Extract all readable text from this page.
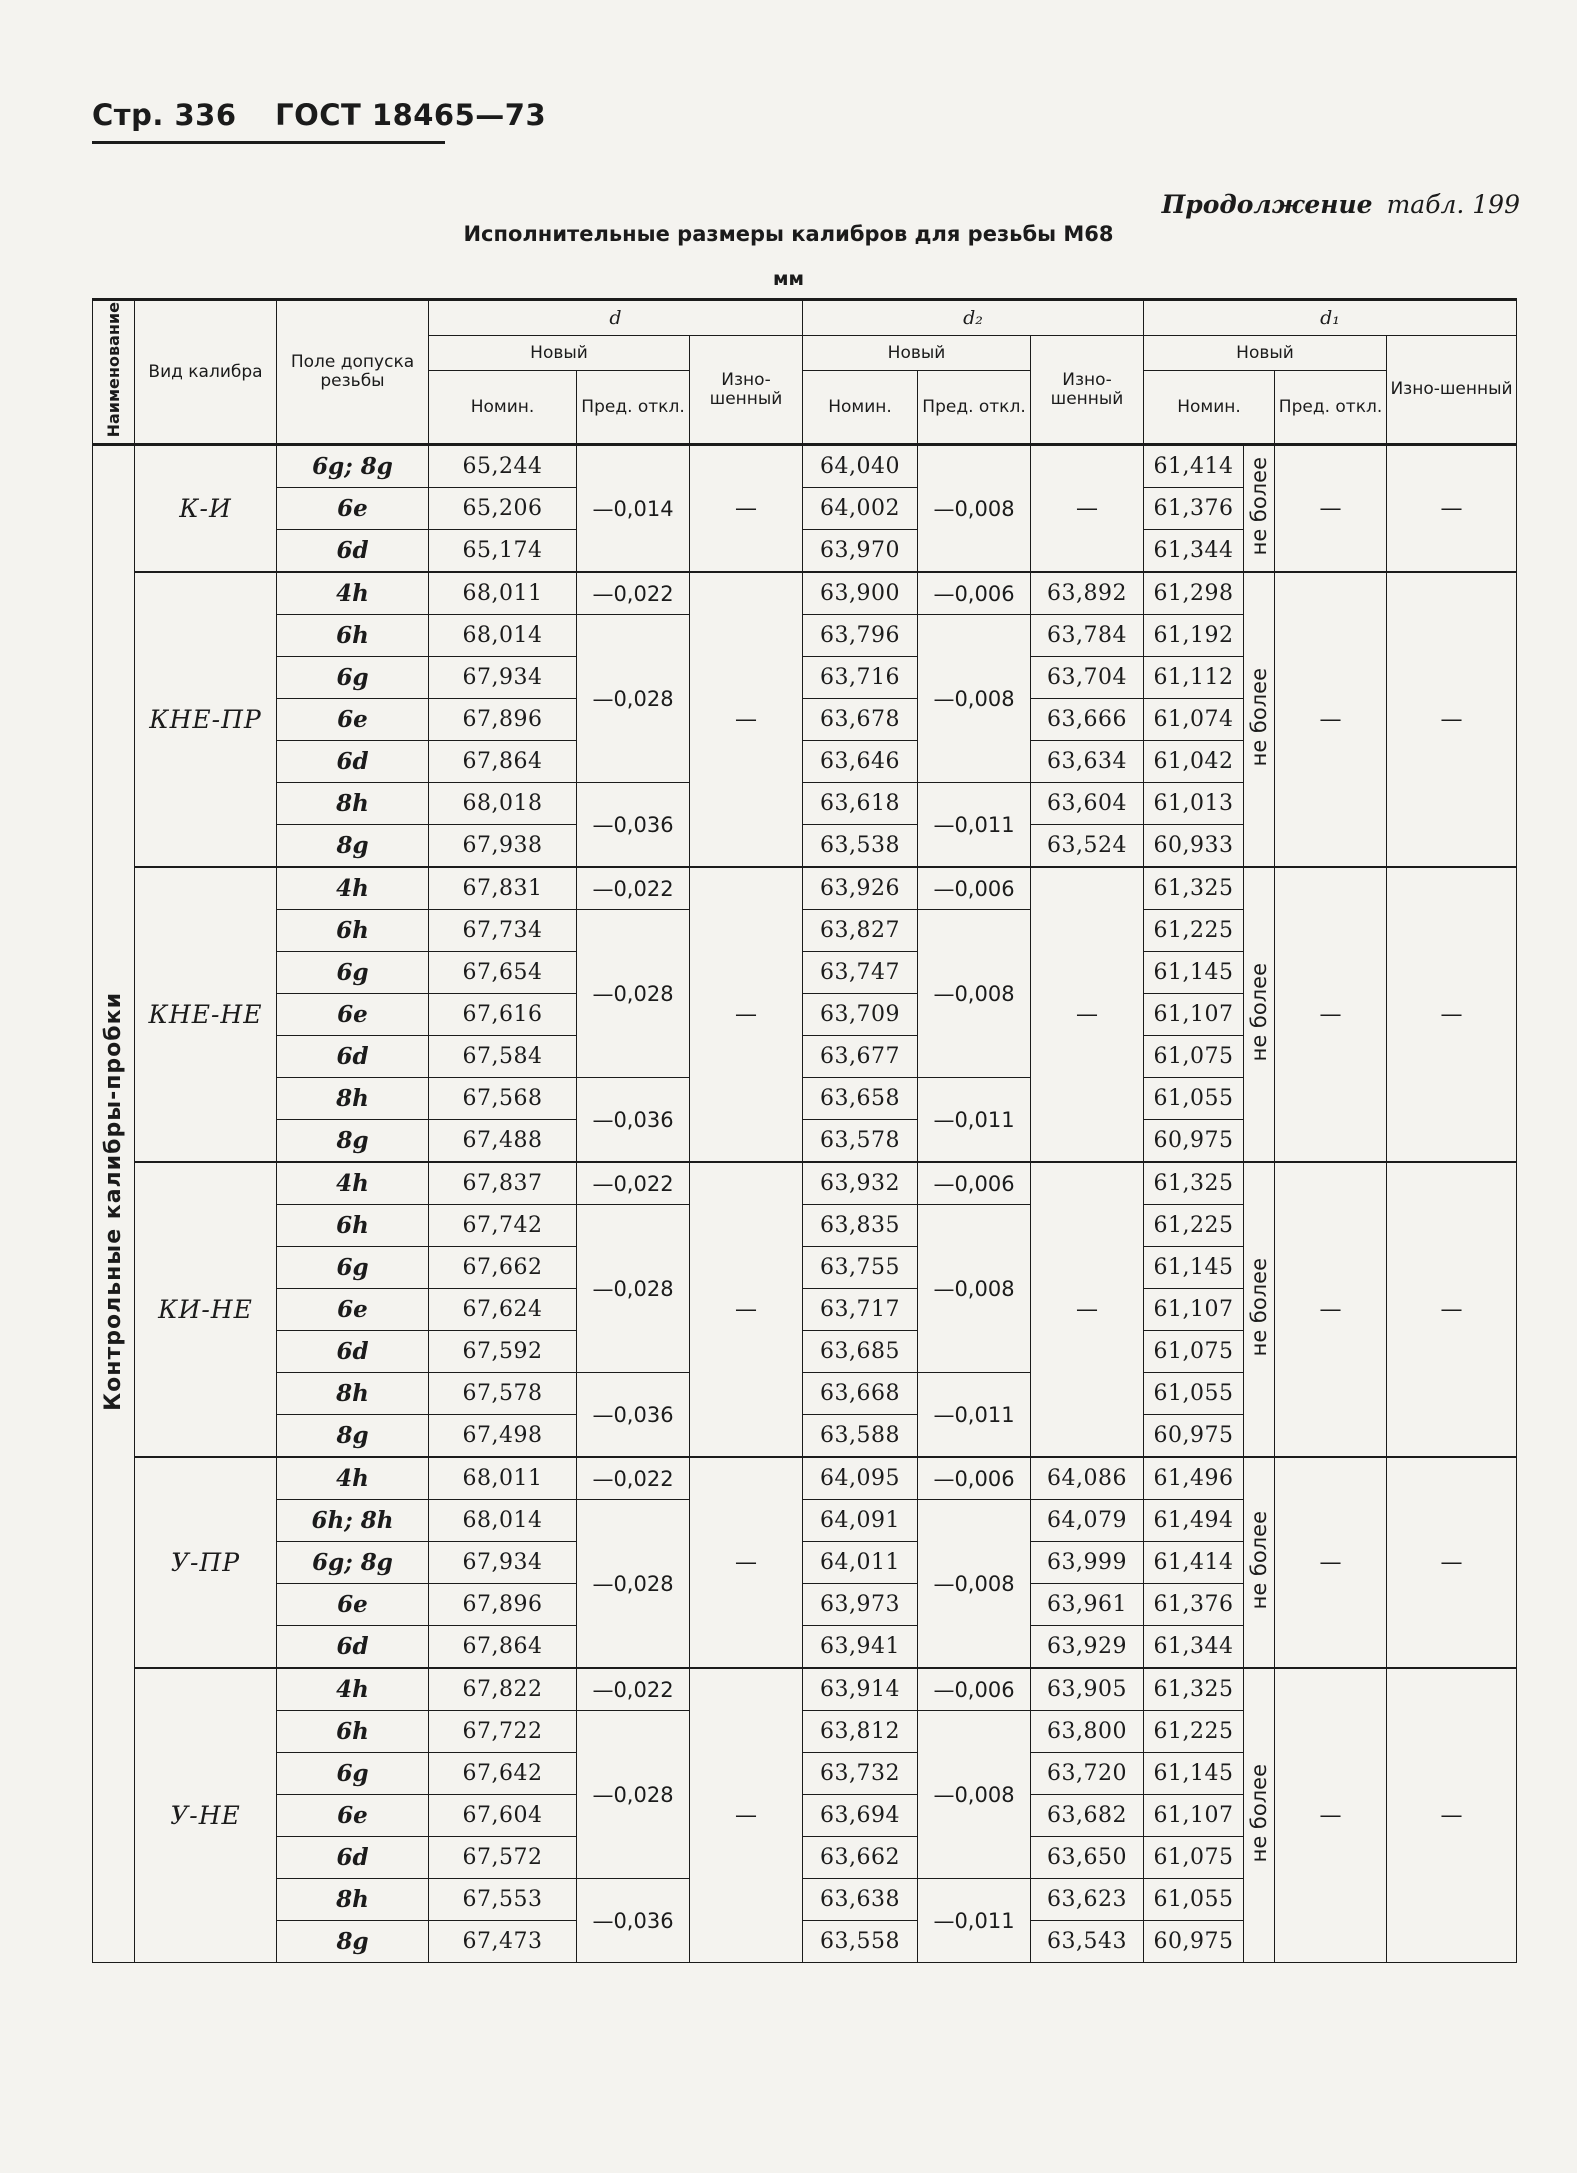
Стр. 336 ГОСТ 18465—73
Продолжение табл. 199
Исполнительные размеры калибров для резьбы М68
мм
Наименование	Вид калибра	Поле допуска резьбы	d			d₂			d₁			
			Новый		Изно-шенный	Новый		Изно-шенный	Новый			Изно-шенный
			Номин.	Пред. откл.		Номин.	Пред. откл.		Номин.		Пред. откл.	
Контрольные калибры-пробки	К-И	6g; 8g	65,244	—0,014	—	64,040	—0,008	—	61,414	не более	—	—
		6e	65,206			64,002			61,376			
		6d	65,174			63,970			61,344			
	КНЕ-ПР	4h	68,011	—0,022	—	63,900	—0,006	63,892	61,298	не более	—	—
		6h	68,014	—0,028		63,796	—0,008	63,784	61,192			
		6g	67,934			63,716		63,704	61,112			
		6e	67,896			63,678		63,666	61,074			
		6d	67,864			63,646		63,634	61,042			
		8h	68,018	—0,036		63,618	—0,011	63,604	61,013			
		8g	67,938			63,538		63,524	60,933			
	КНЕ-НЕ	4h	67,831	—0,022	—	63,926	—0,006	—	61,325	не более	—	—
		6h	67,734	—0,028		63,827	—0,008		61,225			
		6g	67,654			63,747			61,145			
		6e	67,616			63,709			61,107			
		6d	67,584			63,677			61,075			
		8h	67,568	—0,036		63,658	—0,011		61,055			
		8g	67,488			63,578			60,975			
	КИ-НЕ	4h	67,837	—0,022	—	63,932	—0,006	—	61,325	не более	—	—
		6h	67,742	—0,028		63,835	—0,008		61,225			
		6g	67,662			63,755			61,145			
		6e	67,624			63,717			61,107			
		6d	67,592			63,685			61,075			
		8h	67,578	—0,036		63,668	—0,011		61,055			
		8g	67,498			63,588			60,975			
	У-ПР	4h	68,011	—0,022	—	64,095	—0,006	64,086	61,496	не более	—	—
		6h; 8h	68,014	—0,028		64,091	—0,008	64,079	61,494			
		6g; 8g	67,934			64,011		63,999	61,414			
		6e	67,896			63,973		63,961	61,376			
		6d	67,864			63,941		63,929	61,344			
	У-НЕ	4h	67,822	—0,022	—	63,914	—0,006	63,905	61,325	не более	—	—
		6h	67,722	—0,028		63,812	—0,008	63,800	61,225			
		6g	67,642			63,732		63,720	61,145			
		6e	67,604			63,694		63,682	61,107			
		6d	67,572			63,662		63,650	61,075			
		8h	67,553	—0,036		63,638	—0,011	63,623	61,055			
		8g	67,473			63,558		63,543	60,975			
